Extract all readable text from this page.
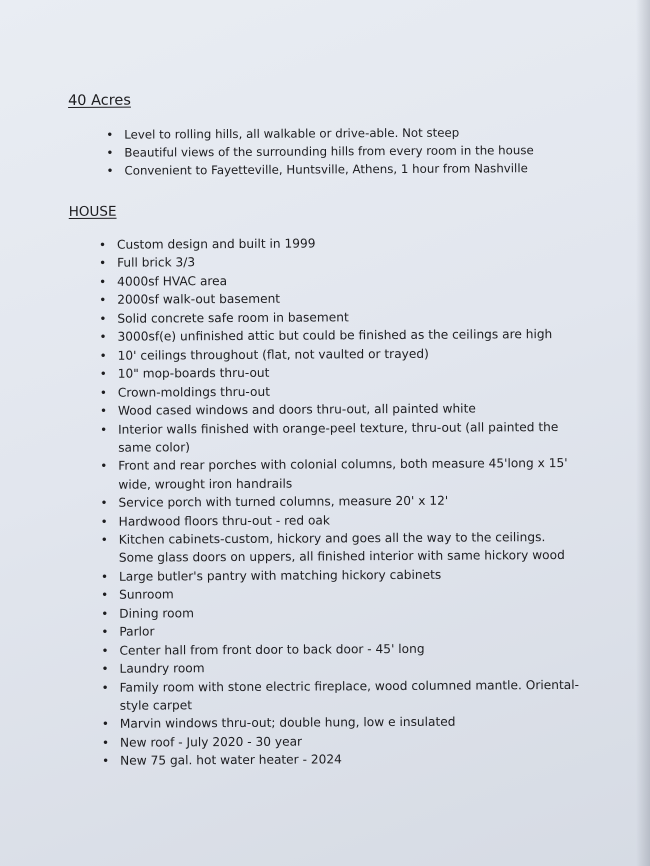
40 Acres

• Level to rolling hills, all walkable or drive-able. Not steep
• Beautiful views of the surrounding hills from every room in the house
• Convenient to Fayetteville, Huntsville, Athens, 1 hour from Nashville

HOUSE

• Custom design and built in 1999
• Full brick 3/3
• 4000sf HVAC area
• 2000sf walk-out basement
• Solid concrete safe room in basement
• 3000sf(e) unfinished attic but could be finished as the ceilings are high
• 10' ceilings throughout (flat, not vaulted or trayed)
• 10" mop-boards thru-out
• Crown-moldings thru-out
• Wood cased windows and doors thru-out, all painted white
• Interior walls finished with orange-peel texture, thru-out (all painted the same color)
• Front and rear porches with colonial columns, both measure 45'long x 15' wide, wrought iron handrails
• Service porch with turned columns, measure 20' x 12'
• Hardwood floors thru-out - red oak
• Kitchen cabinets-custom, hickory and goes all the way to the ceilings. Some glass doors on uppers, all finished interior with same hickory wood
• Large butler's pantry with matching hickory cabinets
• Sunroom
• Dining room
• Parlor
• Center hall from front door to back door - 45' long
• Laundry room
• Family room with stone electric fireplace, wood columned mantle. Oriental-style carpet
• Marvin windows thru-out; double hung, low e insulated
• New roof - July 2020 - 30 year
• New 75 gal. hot water heater - 2024
